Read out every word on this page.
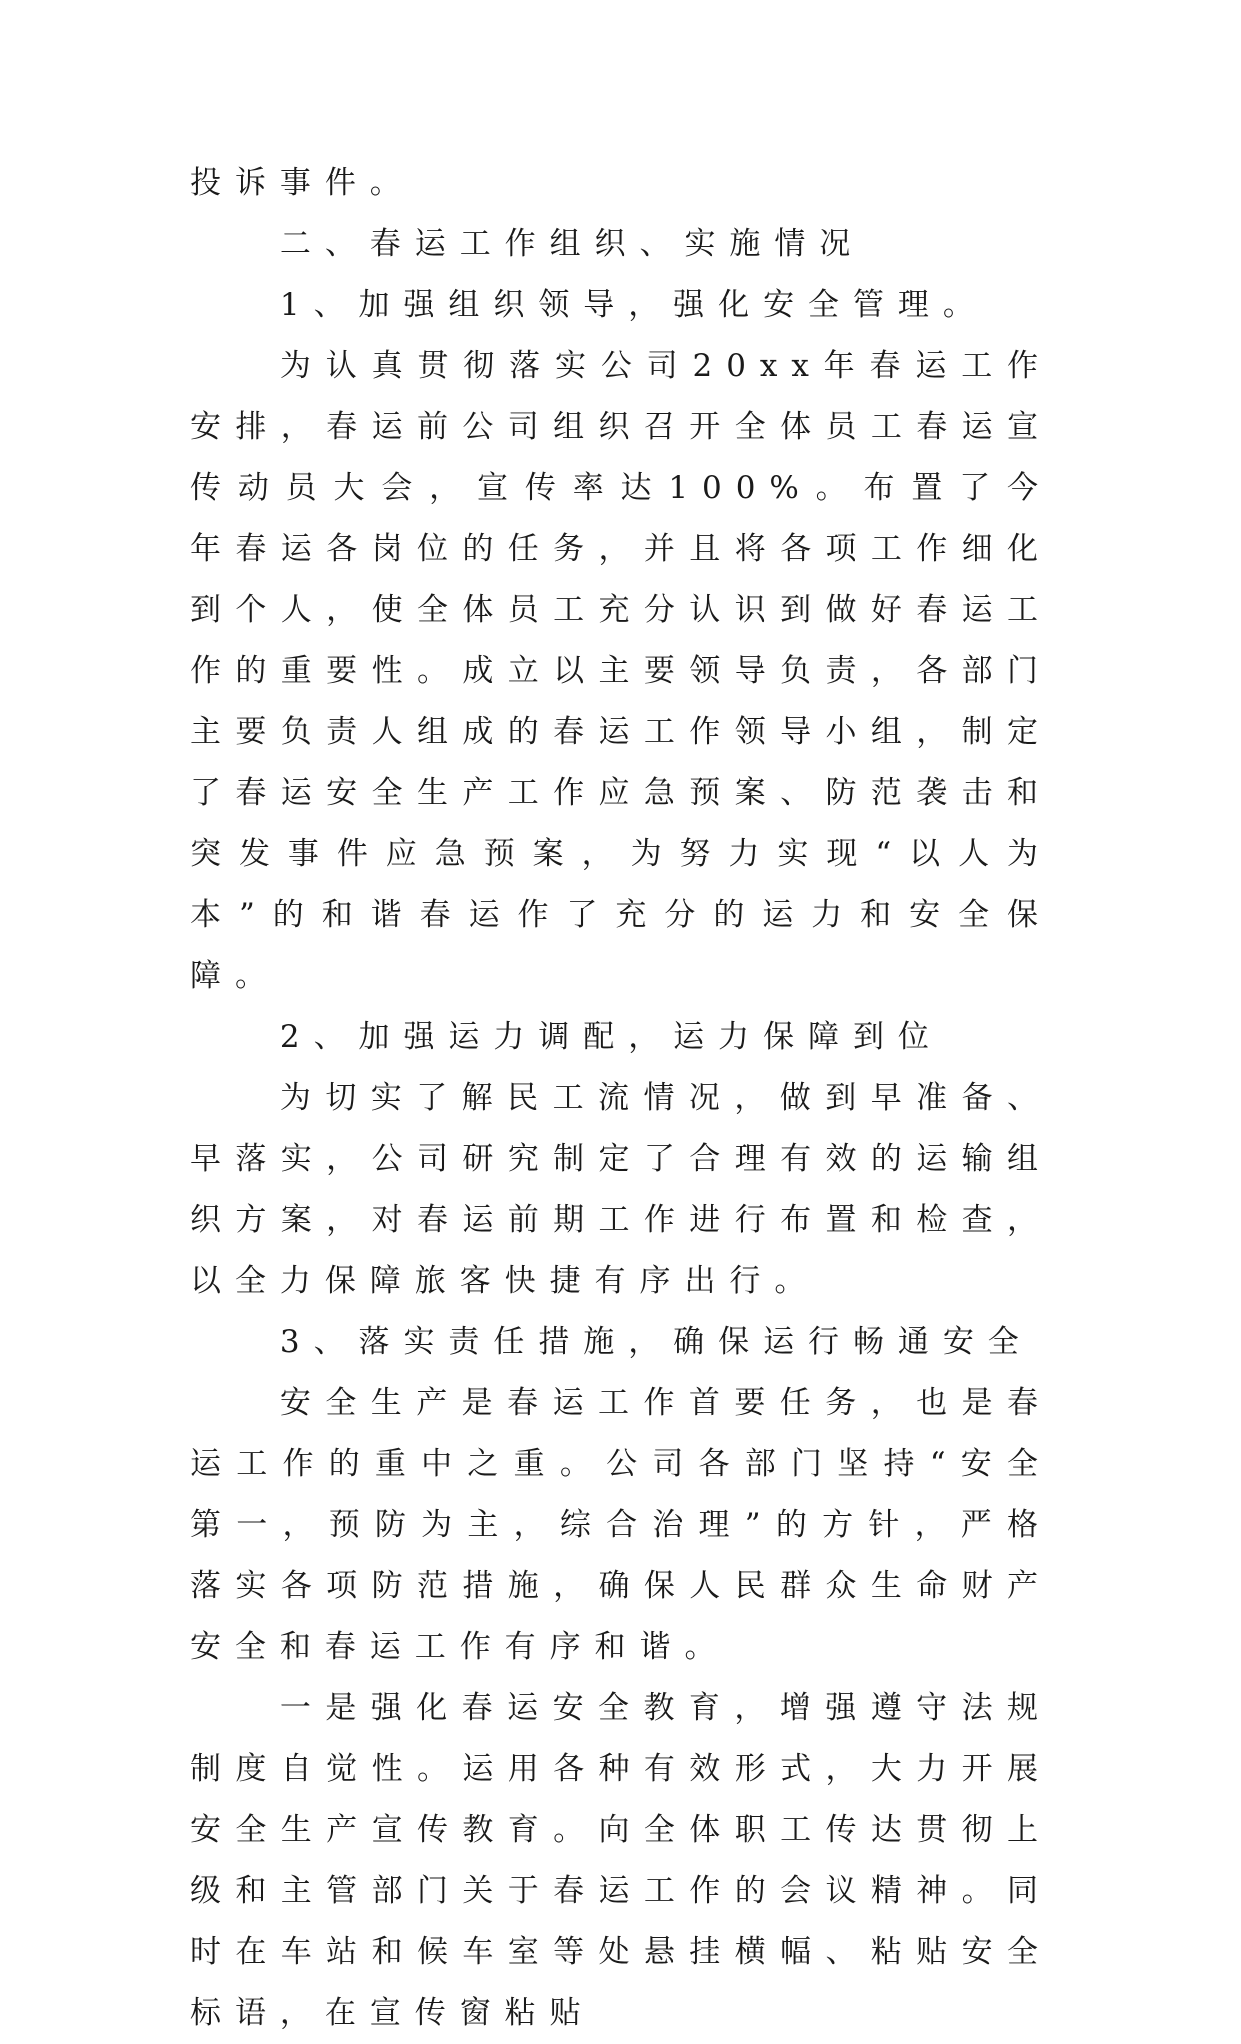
投诉事件。

二、春运工作组织、实施情况

1、加强组织领导，强化安全管理。

为认真贯彻落实公司20xx年春运工作安排，春运前公司组织召开全体员工春运宣传动员大会，宣传率达100%。布置了今年春运各岗位的任务，并且将各项工作细化到个人，使全体员工充分认识到做好春运工作的重要性。成立以主要领导负责，各部门主要负责人组成的春运工作领导小组，制定了春运安全生产工作应急预案、防范袭击和突发事件应急预案，为努力实现“以人为本”的和谐春运作了充分的运力和安全保障。

2、加强运力调配，运力保障到位

为切实了解民工流情况，做到早准备、早落实，公司研究制定了合理有效的运输组织方案，对春运前期工作进行布置和检查，以全力保障旅客快捷有序出行。

3、落实责任措施，确保运行畅通安全

安全生产是春运工作首要任务，也是春运工作的重中之重。公司各部门坚持“安全第一，预防为主，综合治理”的方针，严格落实各项防范措施，确保人民群众生命财产安全和春运工作有序和谐。

一是强化春运安全教育，增强遵守法规制度自觉性。运用各种有效形式，大力开展安全生产宣传教育。向全体职工传达贯彻上级和主管部门关于春运工作的会议精神。同时在车站和候车室等处悬挂横幅、粘贴安全标语，在宣传窗粘贴
